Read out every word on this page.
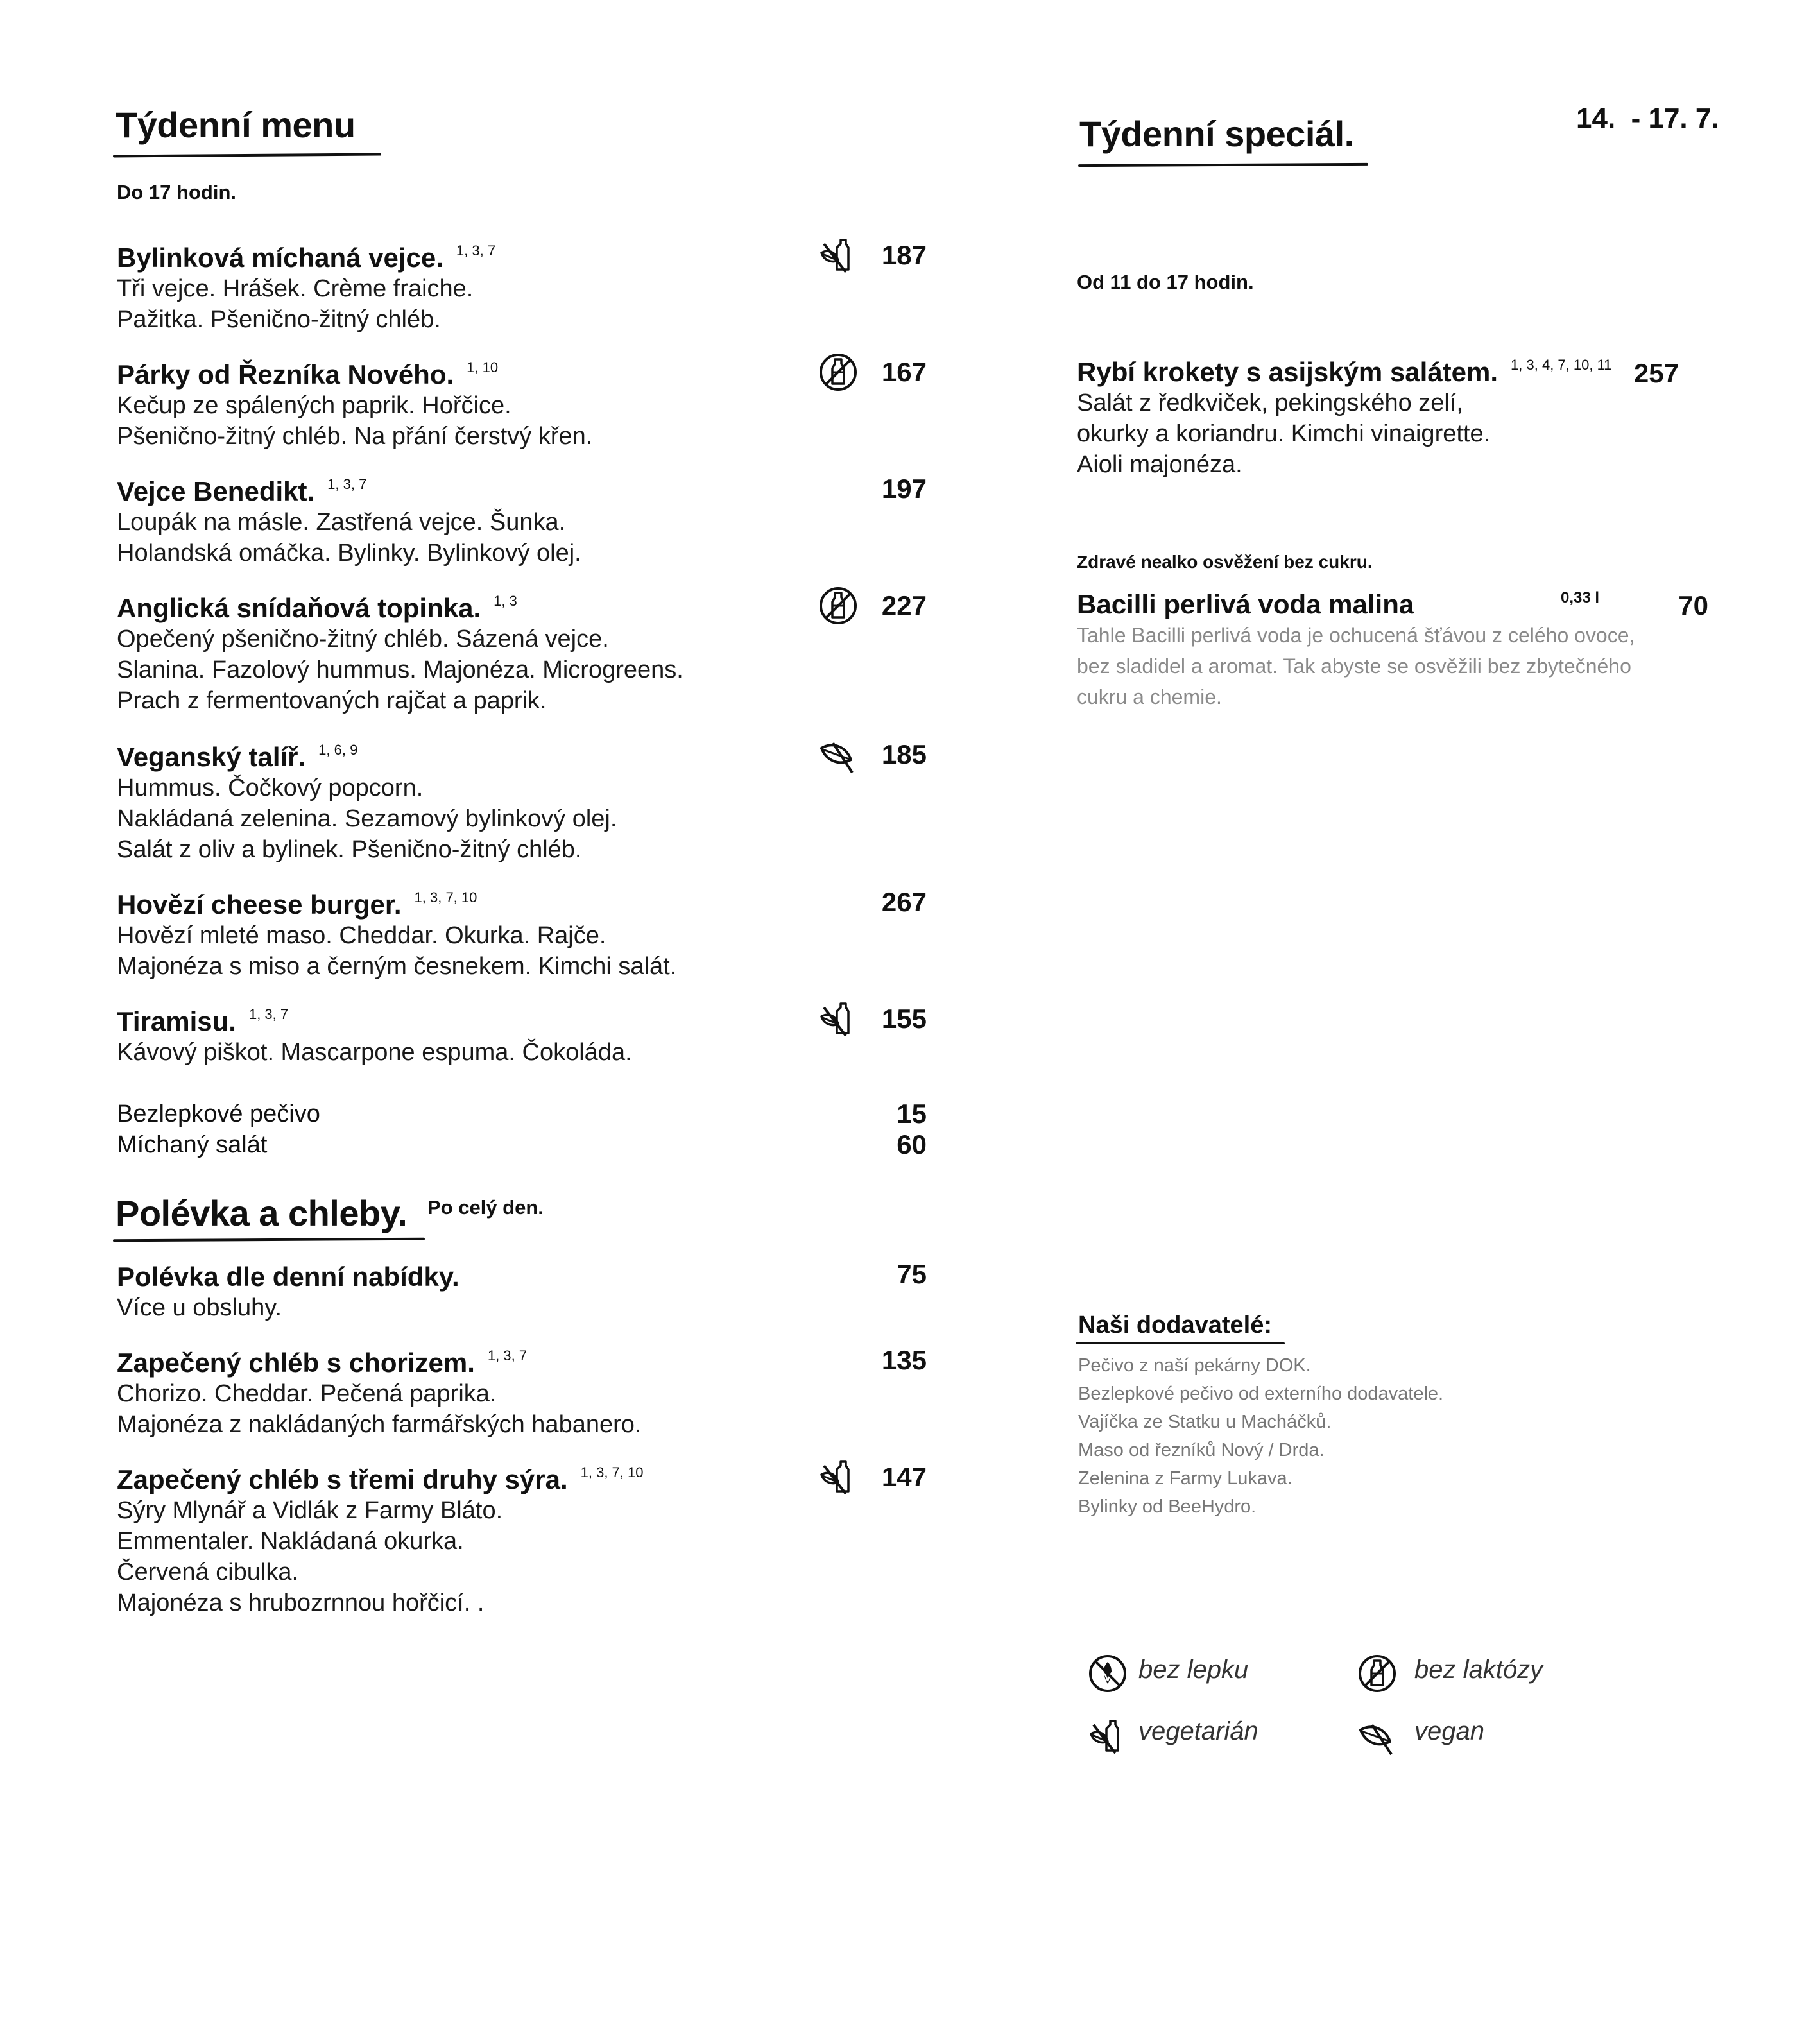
Týdenní menu
Do 17 hodin.
Bylinková míchaná vejce. $^{1, 3, 7}$
Tři vejce. Hrášek. Crème fraiche.
Pažitka. Pšenično-žitný chléb.
187
Párky od Řezníka Nového. $^{1, 10}$
Kečup ze spálených paprik. Hořčice.
Pšenično-žitný chléb. Na přání čerstvý křen.
167
Vejce Benedikt. $^{1, 3, 7}$
Loupák na másle. Zastřená vejce. Šunka.
Holandská omáčka. Bylinky. Bylinkový olej.
197
Anglická snídaňová topinka. $^{1, 3}$
Opečený pšenično-žitný chléb. Sázená vejce.
Slanina. Fazolový hummus. Majonéza. Microgreens.
Prach z fermentovaných rajčat a paprik.
227
Veganský talíř. $^{1, 6, 9}$
Hummus. Čočkový popcorn.
Nakládaná zelenina. Sezamový bylinkový olej.
Salát z oliv a bylinek. Pšenično-žitný chléb.
185
Hovězí cheese burger. $^{1, 3, 7, 10}$
Hovězí mleté maso. Cheddar. Okurka. Rajče.
Majonéza s miso a černým česnekem. Kimchi salát.
267
Tiramisu. $^{1, 3, 7}$
Kávový piškot. Mascarpone espuma. Čokoláda.
155
Bezlepkové pečivo	15
Míchaný salát	60
Polévka a chleby. Po celý den.
Polévka dle denní nabídky.
Více u obsluhy.
75
Zapečený chléb s chorizem. $^{1, 3, 7}$
Chorizo. Cheddar. Pečená paprika.
Majonéza z nakládaných farmářských habanero.
135
Zapečený chléb s třemi druhy sýra. $^{1, 3, 7, 10}$
Sýry Mlynář a Vidlák z Farmy Bláto.
Emmentaler. Nakládaná okurka.
Červená cibulka.
Majonéza s hrubozrnnou hořčicí. .
147
Týdenní speciál.	14.  - 17. 7.
Od 11 do 17 hodin.
Rybí krokety s asijským salátem. $^{1, 3, 4, 7, 10, 11}$
Salát z ředkviček, pekingského zelí,
okurky a koriandru. Kimchi vinaigrette.
Aioli majonéza.
257
Zdravé nealko osvěžení bez cukru.
Bacilli perlivá voda malina
Tahle Bacilli perlivá voda je ochucená šťávou z celého ovoce,
bez sladidel a aromat. Tak abyste se osvěžili bez zbytečného
cukru a chemie.
0,33 l	70
Naši dodavatelé:
Pečivo z naší pekárny DOK.
Bezlepkové pečivo od externího dodavatele.
Vajíčka ze Statku u Macháčků.
Maso od řezníků Nový / Drda.
Zelenina z Farmy Lukava.
Bylinky od BeeHydro.
bez lepku	bez laktózy
vegetarián	vegan
